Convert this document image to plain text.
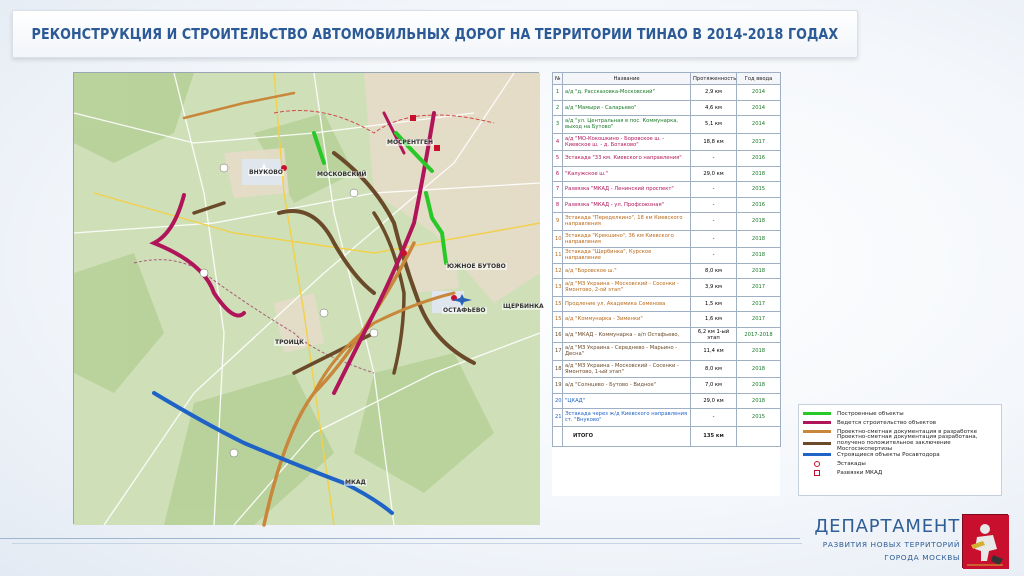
РЕКОНСТРУКЦИЯ И СТРОИТЕЛЬСТВО АВТОМОБИЛЬНЫХ ДОРОГ НА ТЕРРИТОРИИ ТИНАО В 2014-2018 ГОДАХ
ВНУКОВО	МОСКОВСКИЙ
МОСРЕНТГЕН
ЮЖНОЕ БУТОВО
ОСТАФЬЕВО
ТРОИЦК
ЩЕРБИНКА
МКАД
№	Название	Протяженность	Год ввода
1	а/д "д. Рассказовка-Московский"	2,9 км	2014
2	а/д "Мамыри - Саларьево"	4,6 км	2014
3	а/д "ул. Центральная в пос. Коммунарка, выход на Бутово"	5,1 км	2014
4	а/д "МО-Кокошкино - Боровское ш. - Киевское ш. - д. Ботаково"	18,8 км	2017
5	Эстакада "33 км. Киевского направления"	-	2016
6	"Калужское ш."	29,0 км	2018
7	Развязка "МКАД - Ленинский проспект"	-	2015
8	Развязка "МКАД - ул. Профсоюзная"	-	2016
9	Эстакада "Переделкино", 18 км Киевского направления	-	2018
10	Эстакада "Крекшино", 36 км Киевского направления	-	2018
11	Эстакада "Щербинка", Курское направление	-	2018
12	а/д "Боровское ш."	8,0 км	2018
13	а/д "МЗ Украина - Московский - Сосенки - Ямонтово, 2-ой этап"	3,9 км	2017
15	Продление ул. Академика Семенова	1,5 км	2017
15	а/д "Коммунарка - Зименки"	1,6 км	2017
16	а/д "МКАД - Коммунарка - а/п Остафьево,	6,2 км 1-ый этап	2017-2018
17	а/д "МЗ Украина - Середнево - Марьино - Десна"	11,4 км	2018
18	а/д "МЗ Украина - Московский - Сосенки - Ямонтово, 1-ый этап"	8,0 км	2018
19	а/д "Солнцево - Бутово - Видное"	7,0 км	2018
20	"ЦКАД"	29,0 км	2018
21	Эстакада через ж/д Киевского направления ст. "Внуково"	-	2015
	ИТОГО	135 км	
Построенные объекты
Ведется строительство объектов
Проектно-сметная документация в разработке
Проектно-сметная документация разработана, получено положительное заключение Мосгосэкспертизы
Строящиеся объекты Росавтодора
Эстакады
Развязки МКАД
ДЕПАРТАМЕНТ
РАЗВИТИЯ НОВЫХ ТЕРРИТОРИЙ
ГОРОДА МОСКВЫ
